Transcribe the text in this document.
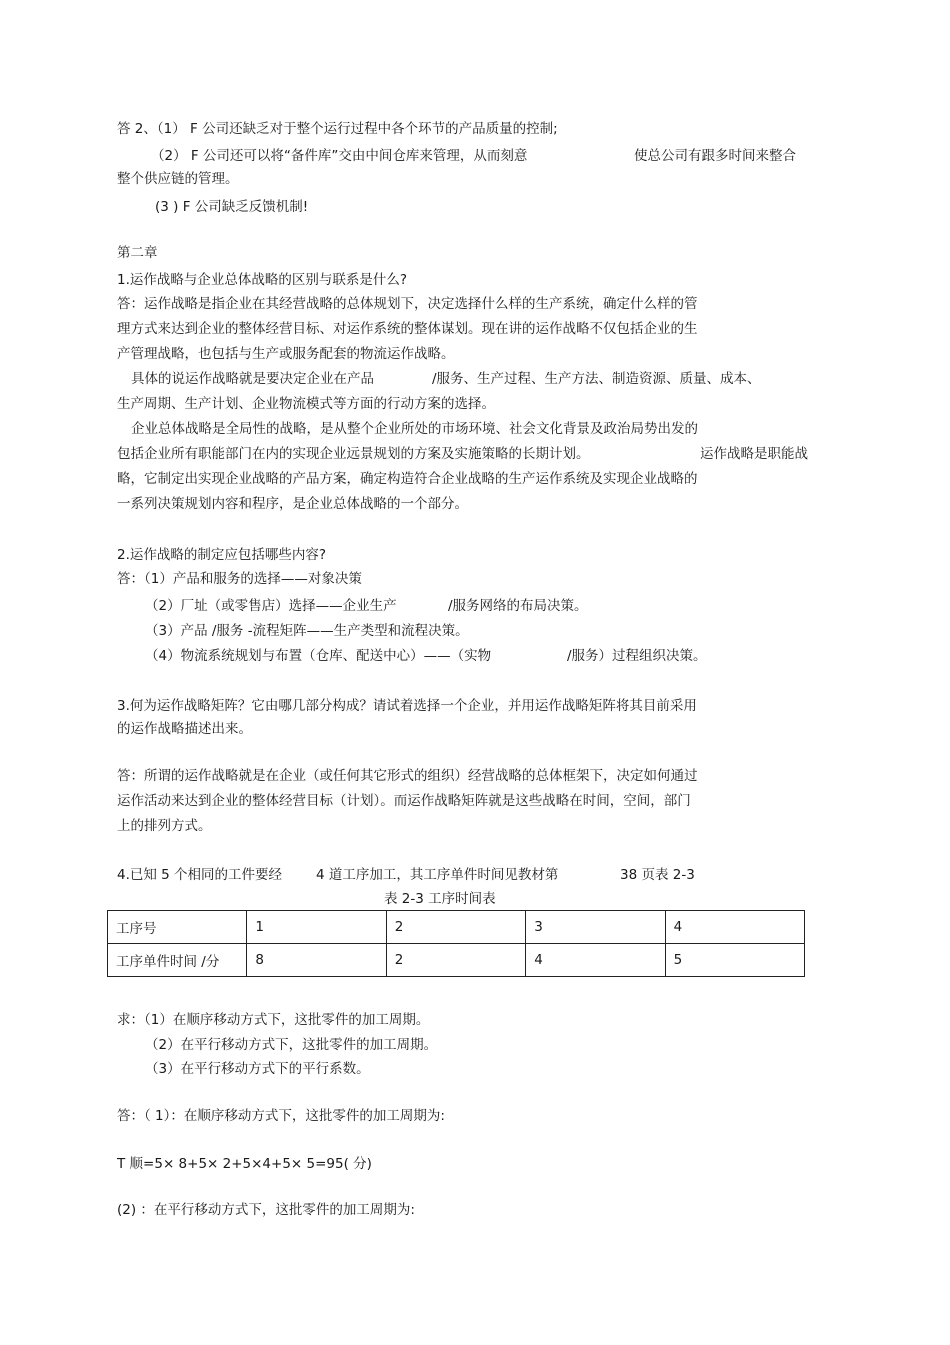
答 2、（1） F 公司还缺乏对于整个运行过程中各个环节的产品质量的控制;
（2） F 公司还可以将“备件库”交由中间仓库来管理，从而刻意	使总公司有跟多时间来整合
整个供应链的管理。
(3 ) F 公司缺乏反馈机制!
第二章
1.运作战略与企业总体战略的区别与联系是什么?
答：运作战略是指企业在其经营战略的总体规划下，决定选择什么样的生产系统，确定什么样的管
理方式来达到企业的整体经营目标、对运作系统的整体谋划。现在讲的运作战略不仅包括企业的生
产管理战略，也包括与生产或服务配套的物流运作战略。
具体的说运作战略就是要决定企业在产品	/服务、生产过程、生产方法、制造资源、质量、成本、
生产周期、生产计划、企业物流模式等方面的行动方案的选择。
企业总体战略是全局性的战略，是从整个企业所处的市场环境、社会文化背景及政治局势出发的
包括企业所有职能部门在内的实现企业远景规划的方案及实施策略的长期计划。	运作战略是职能战
略，它制定出实现企业战略的产品方案，确定构造符合企业战略的生产运作系统及实现企业战略的
一系列决策规划内容和程序，是企业总体战略的一个部分。
2.运作战略的制定应包括哪些内容?
答：（1）产品和服务的选择——对象决策
（2）厂址（或零售店）选择——企业生产	/服务网络的布局决策。
（3）产品 /服务 -流程矩阵——生产类型和流程决策。
（4）物流系统规划与布置（仓库、配送中心）——（实物	/服务）过程组织决策。
3.何为运作战略矩阵？它由哪几部分构成？请试着选择一个企业，并用运作战略矩阵将其目前采用
的运作战略描述出来。
答：所谓的运作战略就是在企业（或任何其它形式的组织）经营战略的总体框架下，决定如何通过
运作活动来达到企业的整体经营目标（计划）。而运作战略矩阵就是这些战略在时间，空间，部门
上的排列方式。
4.已知 5 个相同的工件要经	4 道工序加工，其工序单件时间见教材第	38 页表 2-3
表 2-3 工序时间表
工序号	1	2	3	4
工序单件时间 /分	8	2	4	5
求：（1）在顺序移动方式下，这批零件的加工周期。
（2）在平行移动方式下，这批零件的加工周期。
（3）在平行移动方式下的平行系数。
答：（ 1）：在顺序移动方式下，这批零件的加工周期为:
T 顺=5× 8+5× 2+5×4+5× 5=95( 分)
(2) ：在平行移动方式下，这批零件的加工周期为:
